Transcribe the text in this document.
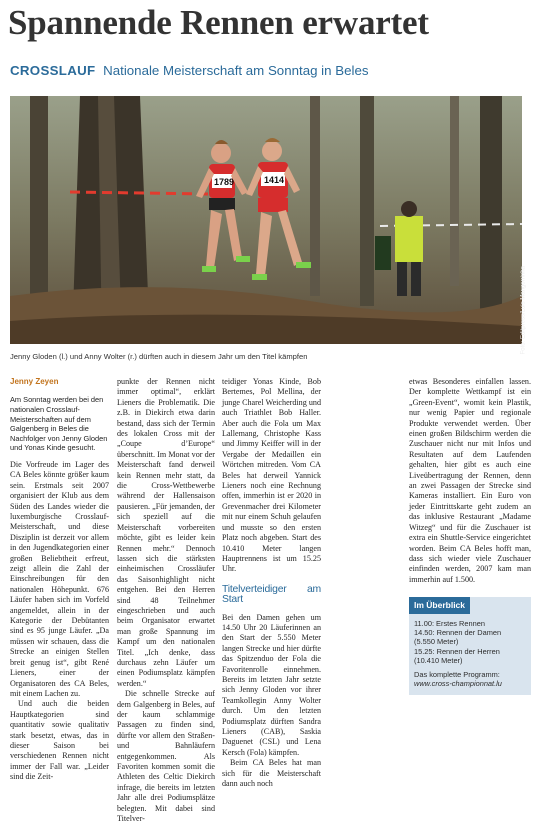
Spannende Rennen erwartet
CROSSLAUF Nationale Meisterschaft am Sonntag in Beles
1789	1414
Foto: Editpress/Luis Mangorrinha
Jenny Gloden (l.) und Anny Wolter (r.) dürften auch in diesem Jahr um den Titel kämpfen
Jenny Zeyen

Am Sonntag werden bei den nationalen Crosslauf-Meisterschaften auf dem Galgenberg in Beles die Nachfolger von Jenny Gloden und Yonas Kinde gesucht.

Die Vorfreude im Lager des CA Beles könnte größer kaum sein. Erstmals seit 2007 organisiert der Klub aus dem Süden des Landes wieder die luxemburgische Crosslauf-Meisterschaft, und diese Disziplin ist derzeit vor allem in den Jugendkategorien einer großen Beliebtheit erfreut, zeigt allein die Zahl der Einschreibungen für den nationalen Höhepunkt. 676 Läufer haben sich im Vorfeld angemeldet, allein in der Kategorie der Debütanten sind es 95 junge Läufer. „Da müssen wir schauen, dass die Strecke an einigen Stellen breit genug ist“, gibt René Lieners, einer der Organisatoren des CA Beles, mit einem Lachen zu.

Und auch die beiden Hauptkategorien sind quantitativ sowie qualitativ stark besetzt, etwas, das in dieser Saison bei verschiedenen Rennen nicht immer der Fall war. „Leider sind die Zeit-

punkte der Rennen nicht immer optimal“, erklärt Lieners die Problematik. Die z.B. in Diekirch etwa darin bestand, dass sich der Termin des lokalen Cross mit der „Coupe d’Europe“ überschnitt. Im Monat vor der Meisterschaft fand derweil kein Rennen mehr statt, da die Cross-Wettbewerbe während der Hallensaison pausieren. „Für jemanden, der sich speziell auf die Meisterschaft vorbereiten möchte, gibt es leider kein Rennen mehr.“ Dennoch lassen sich die stärksten einheimischen Crossläufer das Saisonhighlight nicht entgehen. Bei den Herren sind 48 Teilnehmer eingeschrieben und auch beim Organisator erwartet man große Spannung im Kampf um den nationalen Titel. „Ich denke, dass durchaus zehn Läufer um einen Podiumsplatz kämpfen werden.“

Die schnelle Strecke auf dem Galgenberg in Beles, auf der kaum schlammige Passagen zu finden sind, dürfte vor allem den Straßen- und Bahnläufern entgegenkommen. Als Favoriten kommen somit die Athleten des Celtic Diekirch infrage, die bereits im letzten Jahr alle drei Podiumsplätze belegten. Mit dabei sind Titelver-

teidiger Yonas Kinde, Bob Bertemes, Pol Mellina, der junge Charel Weicherding und auch Triathlet Bob Haller. Aber auch die Fola um Max Lallemang, Christophe Kass und Jimmy Keiffer will in der Vergabe der Medaillen ein Wörtchen mitreden. Vom CA Beles hat derweil Yannick Lieners noch eine Rechnung offen, immerhin ist er 2020 in Grevenmacher drei Kilometer mit nur einem Schuh gelaufen und musste so den ersten Platz noch abgeben. Start des 10.410 Meter langen Hauptrennens ist um 15.25 Uhr.

Titelverteidiger am Start

Bei den Damen gehen um 14.50 Uhr 20 Läuferinnen an den Start der 5.550 Meter langen Strecke und hier dürfte das Spitzenduo der Fola die Favoritenrolle einnehmen. Bereits im letzten Jahr setzte sich Jenny Gloden vor ihrer Teamkollegin Anny Wolter durch. Um den letzten Podiumsplatz dürften Sandra Lieners (CAB), Saskia Daguenet (CSL) und Lena Kersch (Fola) kämpfen.

Beim CA Beles hat man sich für die Meisterschaft dann auch noch

etwas Besonderes einfallen lassen. Der komplette Wettkampf ist ein „Green-Event“, womit kein Plastik, nur wenig Papier und regionale Produkte verwendet werden. Über einen großen Bildschirm werden die Zuschauer nicht nur mit Infos und Resultaten auf dem Laufenden gehalten, hier gibt es auch eine Liveübertragung der Rennen, denn an zwei Passagen der Strecke sind Kameras installiert. Ein Euro von jeder Eintrittskarte geht zudem an das inklusive Restaurant „Madame Witzeg“ und für die Zuschauer ist extra ein Shuttle-Service eingerichtet worden. Beim CA Beles hofft man, dass sich wieder viele Zuschauer einfinden werden, 2007 kam man immerhin auf 1.500.

Im Überblick

11.00: Erstes Rennen

14.50: Rennen der Damen

(5.550 Meter)

15.25: Rennen der Herren

(10.410 Meter)

Das komplette Programm:

www.cross-championnat.lu
